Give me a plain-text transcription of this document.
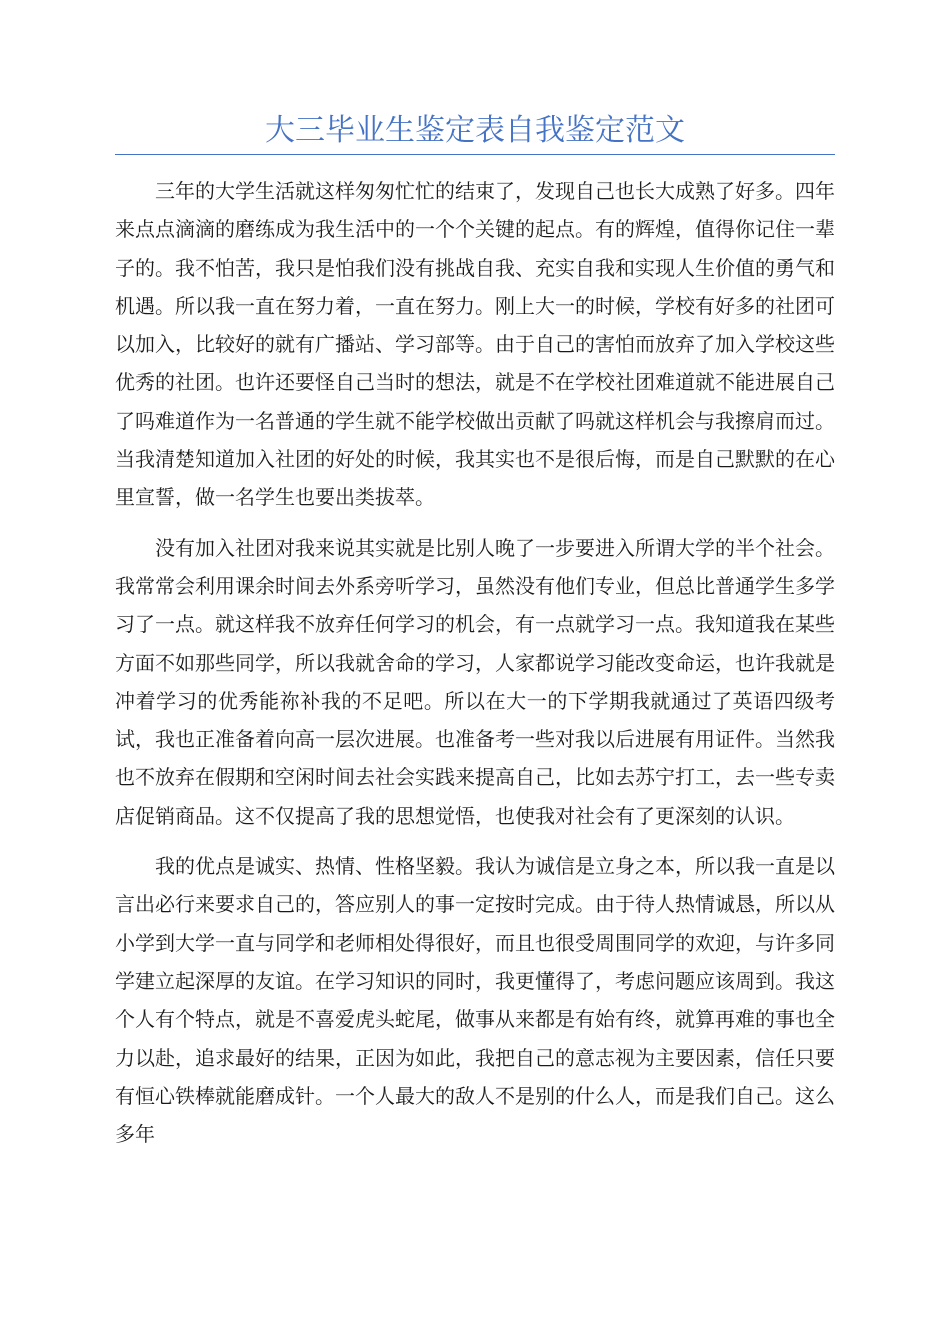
大三毕业生鉴定表自我鉴定范文

三年的大学生活就这样匆匆忙忙的结束了，发现自己也长大成熟了好多。四年来点点滴滴的磨练成为我生活中的一个个关键的起点。有的辉煌，值得你记住一辈子的。我不怕苦，我只是怕我们没有挑战自我、充实自我和实现人生价值的勇气和机遇。所以我一直在努力着，一直在努力。刚上大一的时候，学校有好多的社团可以加入，比较好的就有广播站、学习部等。由于自己的害怕而放弃了加入学校这些优秀的社团。也许还要怪自己当时的想法，就是不在学校社团难道就不能进展自己了吗难道作为一名普通的学生就不能学校做出贡献了吗就这样机会与我擦肩而过。当我清楚知道加入社团的好处的时候，我其实也不是很后悔，而是自己默默的在心里宣誓，做一名学生也要出类拔萃。

没有加入社团对我来说其实就是比别人晚了一步要进入所谓大学的半个社会。我常常会利用课余时间去外系旁听学习，虽然没有他们专业，但总比普通学生多学习了一点。就这样我不放弃任何学习的机会，有一点就学习一点。我知道我在某些方面不如那些同学，所以我就舍命的学习，人家都说学习能改变命运，也许我就是冲着学习的优秀能祢补我的不足吧。所以在大一的下学期我就通过了英语四级考试，我也正准备着向高一层次进展。也准备考一些对我以后进展有用证件。当然我也不放弃在假期和空闲时间去社会实践来提高自己，比如去苏宁打工，去一些专卖店促销商品。这不仅提高了我的思想觉悟，也使我对社会有了更深刻的认识。

我的优点是诚实、热情、性格坚毅。我认为诚信是立身之本，所以我一直是以言出必行来要求自己的，答应别人的事一定按时完成。由于待人热情诚恳，所以从小学到大学一直与同学和老师相处得很好，而且也很受周围同学的欢迎，与许多同学建立起深厚的友谊。在学习知识的同时，我更懂得了，考虑问题应该周到。我这个人有个特点，就是不喜爱虎头蛇尾，做事从来都是有始有终，就算再难的事也全力以赴，追求最好的结果，正因为如此，我把自己的意志视为主要因素，信任只要有恒心铁棒就能磨成针。一个人最大的敌人不是别的什么人，而是我们自己。这么多年
